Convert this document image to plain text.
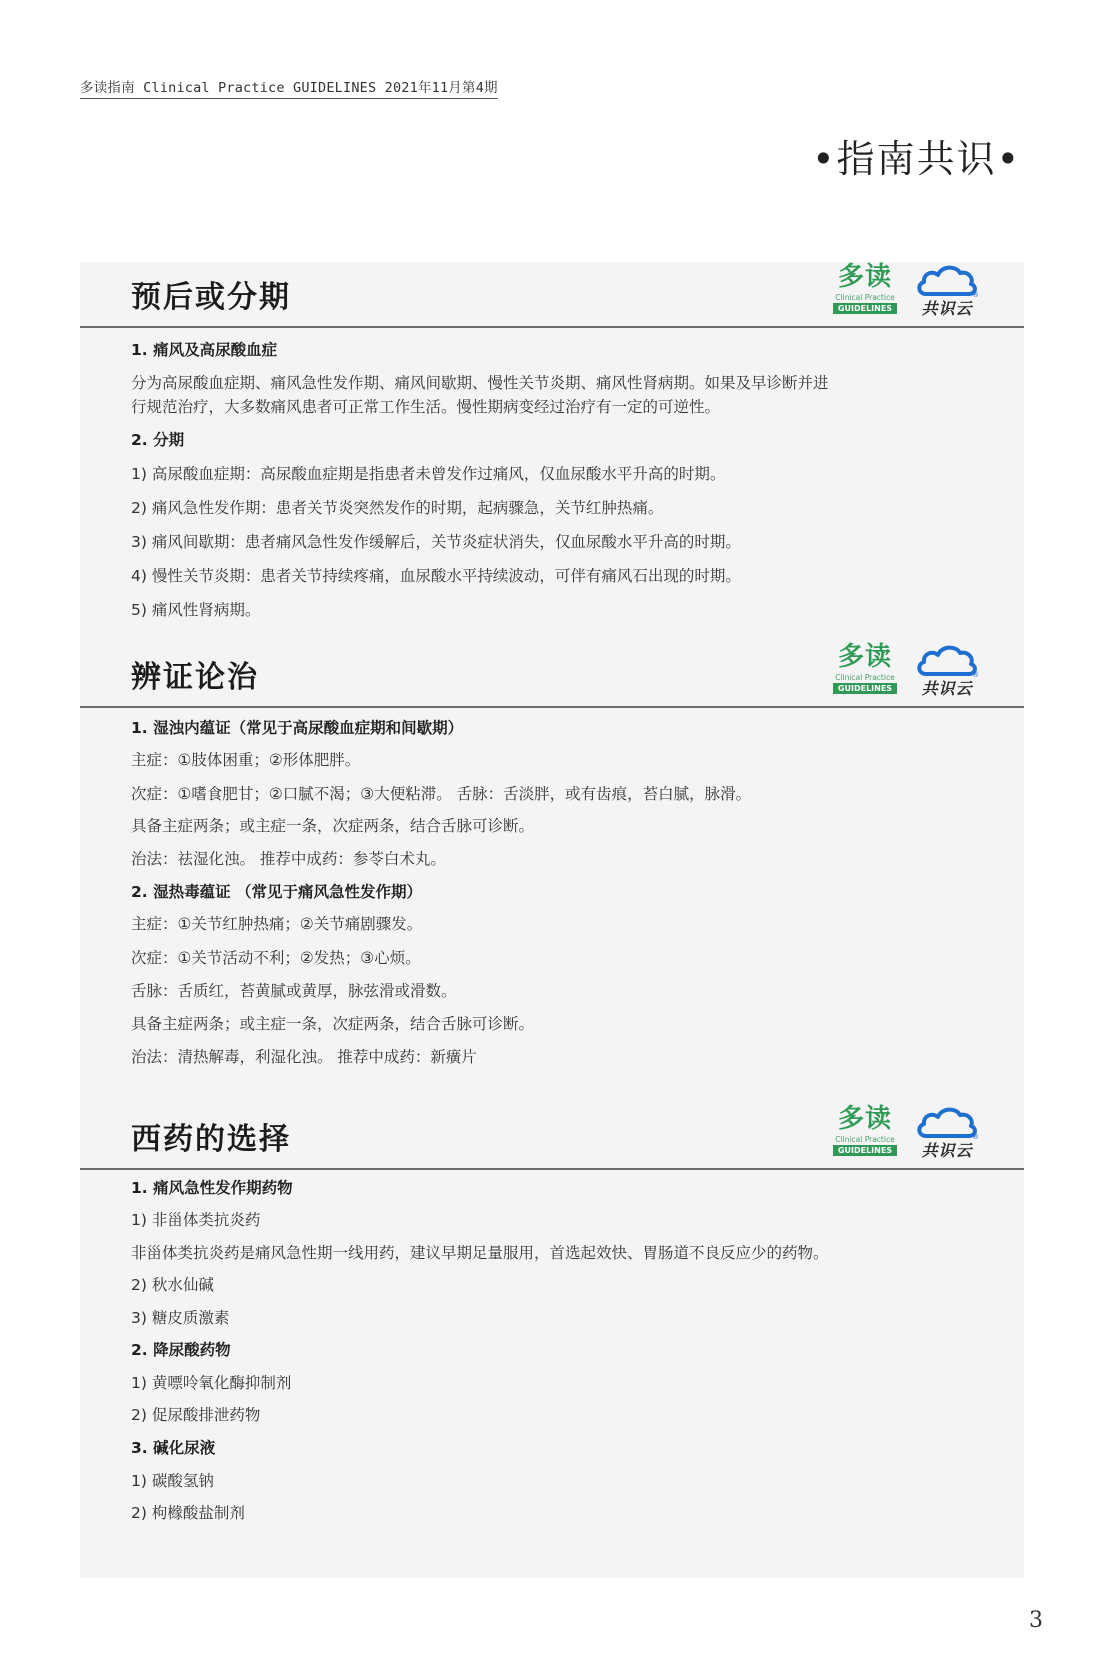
多读指南 Clinical Practice GUIDELINES 2021年11月第4期
•指南共识•
预后或分期
多读
Clinical Practice
GUIDELINES
®
共识云
1. 痛风及高尿酸血症
分为高尿酸血症期、痛风急性发作期、痛风间歇期、慢性关节炎期、痛风性肾病期。如果及早诊断并进
行规范治疗，大多数痛风患者可正常工作生活。慢性期病变经过治疗有一定的可逆性。
2. 分期
1) 高尿酸血症期：高尿酸血症期是指患者未曾发作过痛风，仅血尿酸水平升高的时期。
2) 痛风急性发作期：患者关节炎突然发作的时期，起病骤急，关节红肿热痛。
3) 痛风间歇期：患者痛风急性发作缓解后，关节炎症状消失，仅血尿酸水平升高的时期。
4) 慢性关节炎期：患者关节持续疼痛，血尿酸水平持续波动，可伴有痛风石出现的时期。
5) 痛风性肾病期。
辨证论治
多读
Clinical Practice
GUIDELINES
®
共识云
1. 湿浊内蕴证（常见于高尿酸血症期和间歇期）
主症：①肢体困重；②形体肥胖。
次症：①嗜食肥甘；②口腻不渴；③大便粘滞。 舌脉：舌淡胖，或有齿痕，苔白腻，脉滑。
具备主症两条；或主症一条，次症两条，结合舌脉可诊断。
治法：祛湿化浊。 推荐中成药：参苓白术丸。
2. 湿热毒蕴证 （常见于痛风急性发作期）
主症：①关节红肿热痛；②关节痛剧骤发。
次症：①关节活动不利；②发热；③心烦。
舌脉：舌质红，苔黄腻或黄厚，脉弦滑或滑数。
具备主症两条；或主症一条，次症两条，结合舌脉可诊断。
治法：清热解毒，利湿化浊。 推荐中成药：新癀片
西药的选择
多读
Clinical Practice
GUIDELINES
®
共识云
1. 痛风急性发作期药物
1) 非甾体类抗炎药
非甾体类抗炎药是痛风急性期一线用药，建议早期足量服用，首选起效快、胃肠道不良反应少的药物。
2) 秋水仙碱
3) 糖皮质激素
2. 降尿酸药物
1) 黄嘌呤氧化酶抑制剂
2) 促尿酸排泄药物
3. 碱化尿液
1) 碳酸氢钠
2) 枸橼酸盐制剂
3
